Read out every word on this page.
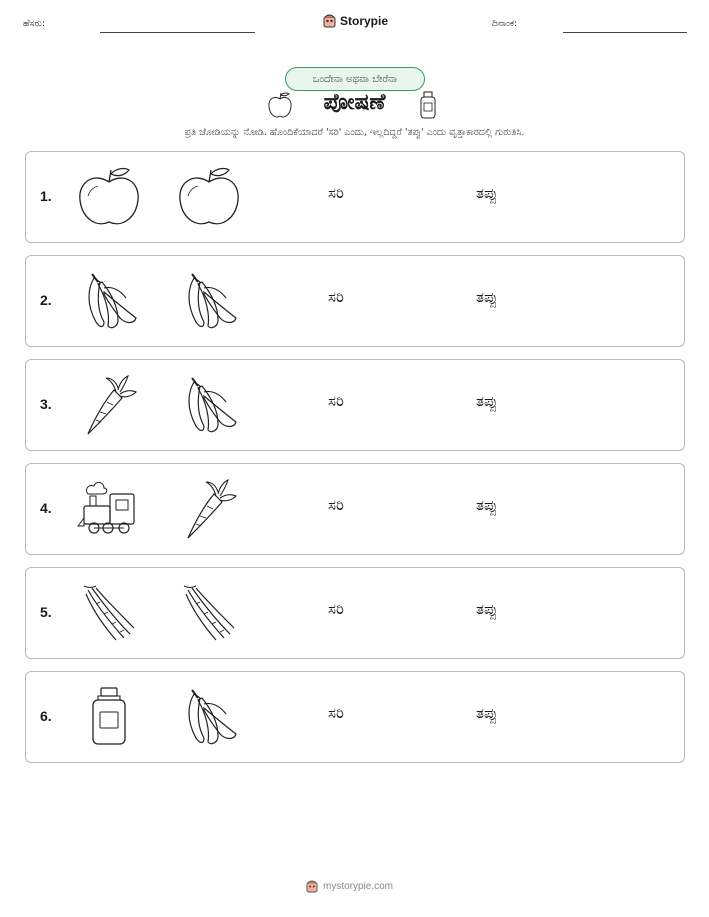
ಹೆಸರು:	Storypie	ದಿನಾಂಕ:
ಒಂದೇನಾ ಅಥವಾ ಬೇರೆನಾ
ಪೋಷಣೆ
ಪ್ರತಿ ಜೋಡಿಯನ್ನು ನೋಡಿ. ಹೊಂದಿಕೆಯಾದರೆ 'ಸರಿ' ಎಂದು, ಇಲ್ಲದಿದ್ದರೆ 'ತಪ್ಪು' ಎಂದು ವೃತ್ತಾಕಾರದಲ್ಲಿ ಗುರುತಿಸಿ.
1.	ಸರಿ	ತಪ್ಪು
2.	ಸರಿ	ತಪ್ಪು
3.	ಸರಿ	ತಪ್ಪು
4.	ಸರಿ	ತಪ್ಪು
5.	ಸರಿ	ತಪ್ಪು
6.	ಸರಿ	ತಪ್ಪು
mystorypie.com
